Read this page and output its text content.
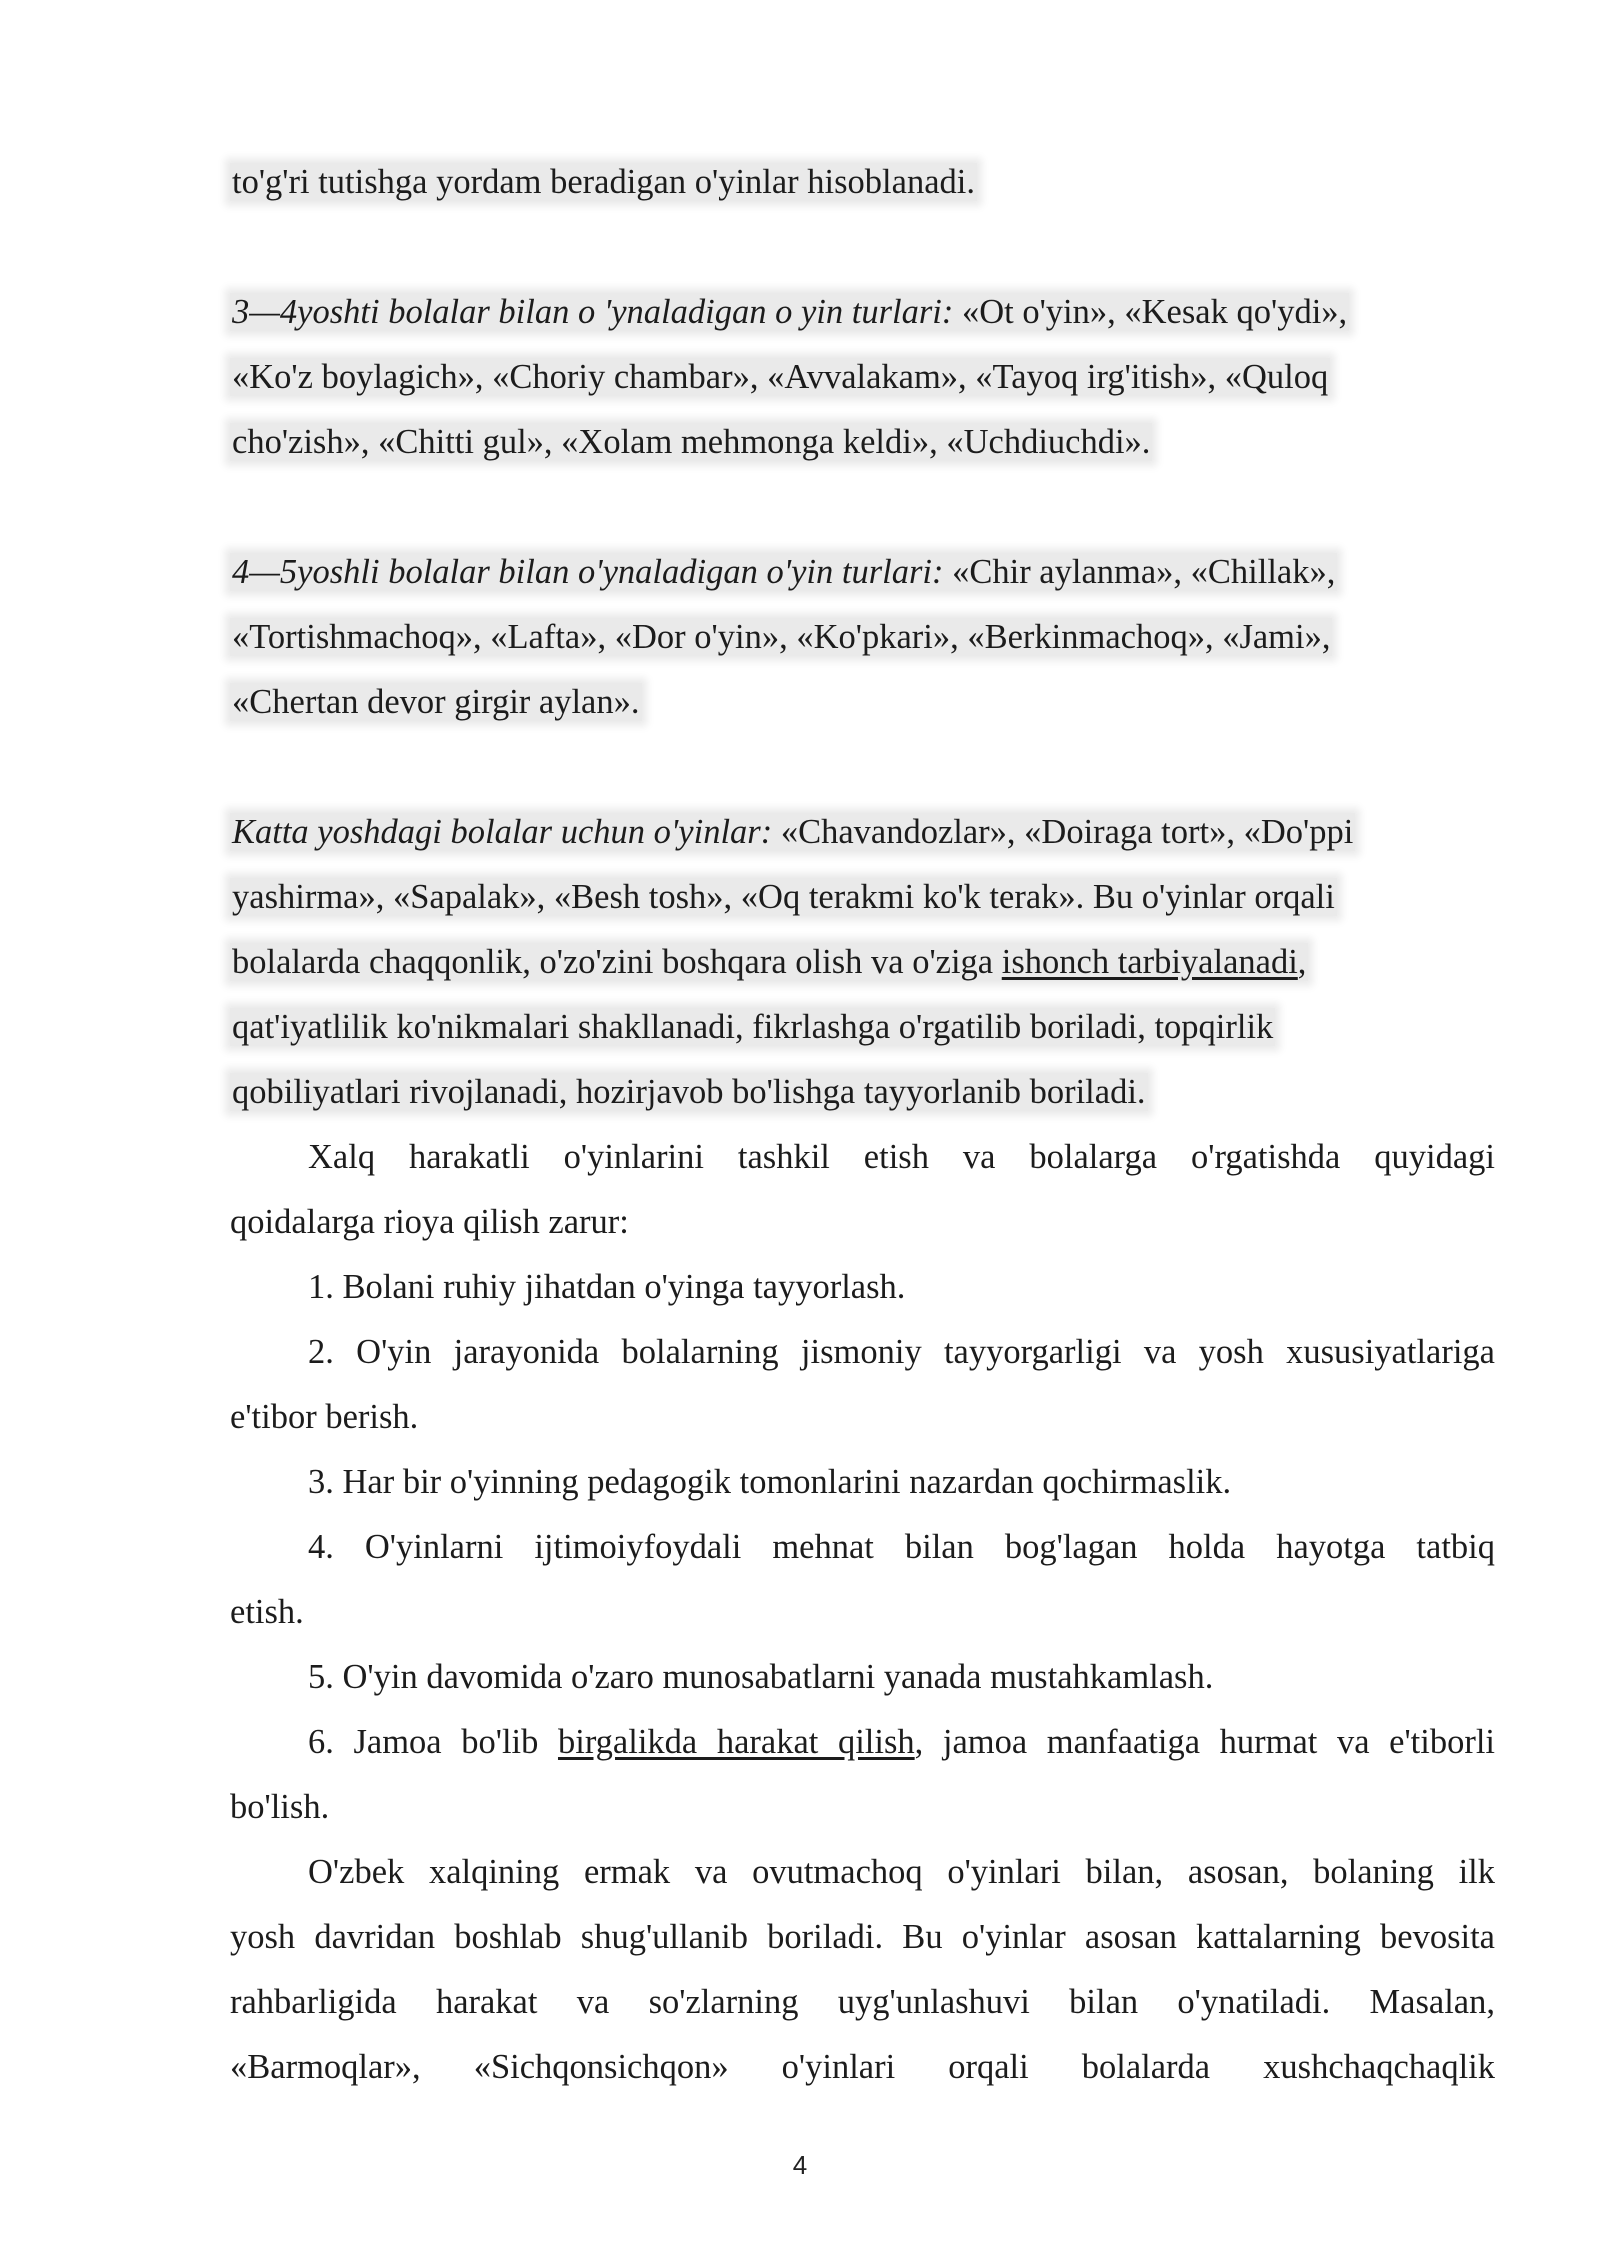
to'g'ri tutishga yordam beradigan o'yinlar hisoblanadi.
3—4yoshti bolalar bilan o 'ynaladigan o yin turlari: «Ot o'yin», «Kesak qo'ydi»,
«Ko'z boylagich», «Choriy chambar», «Avvalakam», «Tayoq irg'itish», «Quloq
cho'zish», «Chitti gul», «Xolam mehmonga keldi», «Uchdiuchdi».
4—5yoshli bolalar bilan o'ynaladigan o'yin turlari: «Chir aylanma», «Chillak»,
«Tortishmachoq», «Lafta», «Dor o'yin», «Ko'pkari», «Berkinmachoq», «Jami»,
«Chertan devor girgir aylan».
Katta yoshdagi bolalar uchun o'yinlar: «Chavandozlar», «Doiraga tort», «Do'ppi
yashirma», «Sapalak», «Besh tosh», «Oq terakmi ko'k terak». Bu o'yinlar orqali
bolalarda chaqqonlik, o'zo'zini boshqara olish va o'ziga ishonch tarbiyalanadi,
qat'iyatlilik ko'nikmalari shakllanadi, fikrlashga o'rgatilib boriladi, topqirlik
qobiliyatlari rivojlanadi, hozirjavob bo'lishga tayyorlanib boriladi.
Xalq harakatli o'yinlarini tashkil etish va bolalarga o'rgatishda quyidagi
qoidalarga rioya qilish zarur:
1. Bolani ruhiy jihatdan o'yinga tayyorlash.
2. O'yin jarayonida bolalarning jismoniy tayyorgarligi va yosh xususiyatlariga
e'tibor berish.
3. Har bir o'yinning pedagogik tomonlarini nazardan qochirmaslik.
4. O'yinlarni ijtimoiyfoydali mehnat bilan bog'lagan holda hayotga tatbiq
etish.
5. O'yin davomida o'zaro munosabatlarni yanada mustahkamlash.
6. Jamoa bo'lib birgalikda harakat qilish, jamoa manfaatiga hurmat va e'tiborli
bo'lish.
O'zbek xalqining ermak va ovutmachoq o'yinlari bilan, asosan, bolaning ilk
yosh davridan boshlab shug'ullanib boriladi. Bu o'yinlar asosan kattalarning bevosita
rahbarligida harakat va so'zlarning uyg'unlashuvi bilan o'ynatiladi. Masalan,
«Barmoqlar», «Sichqonsichqon» o'yinlari orqali bolalarda xushchaqchaqlik
4
